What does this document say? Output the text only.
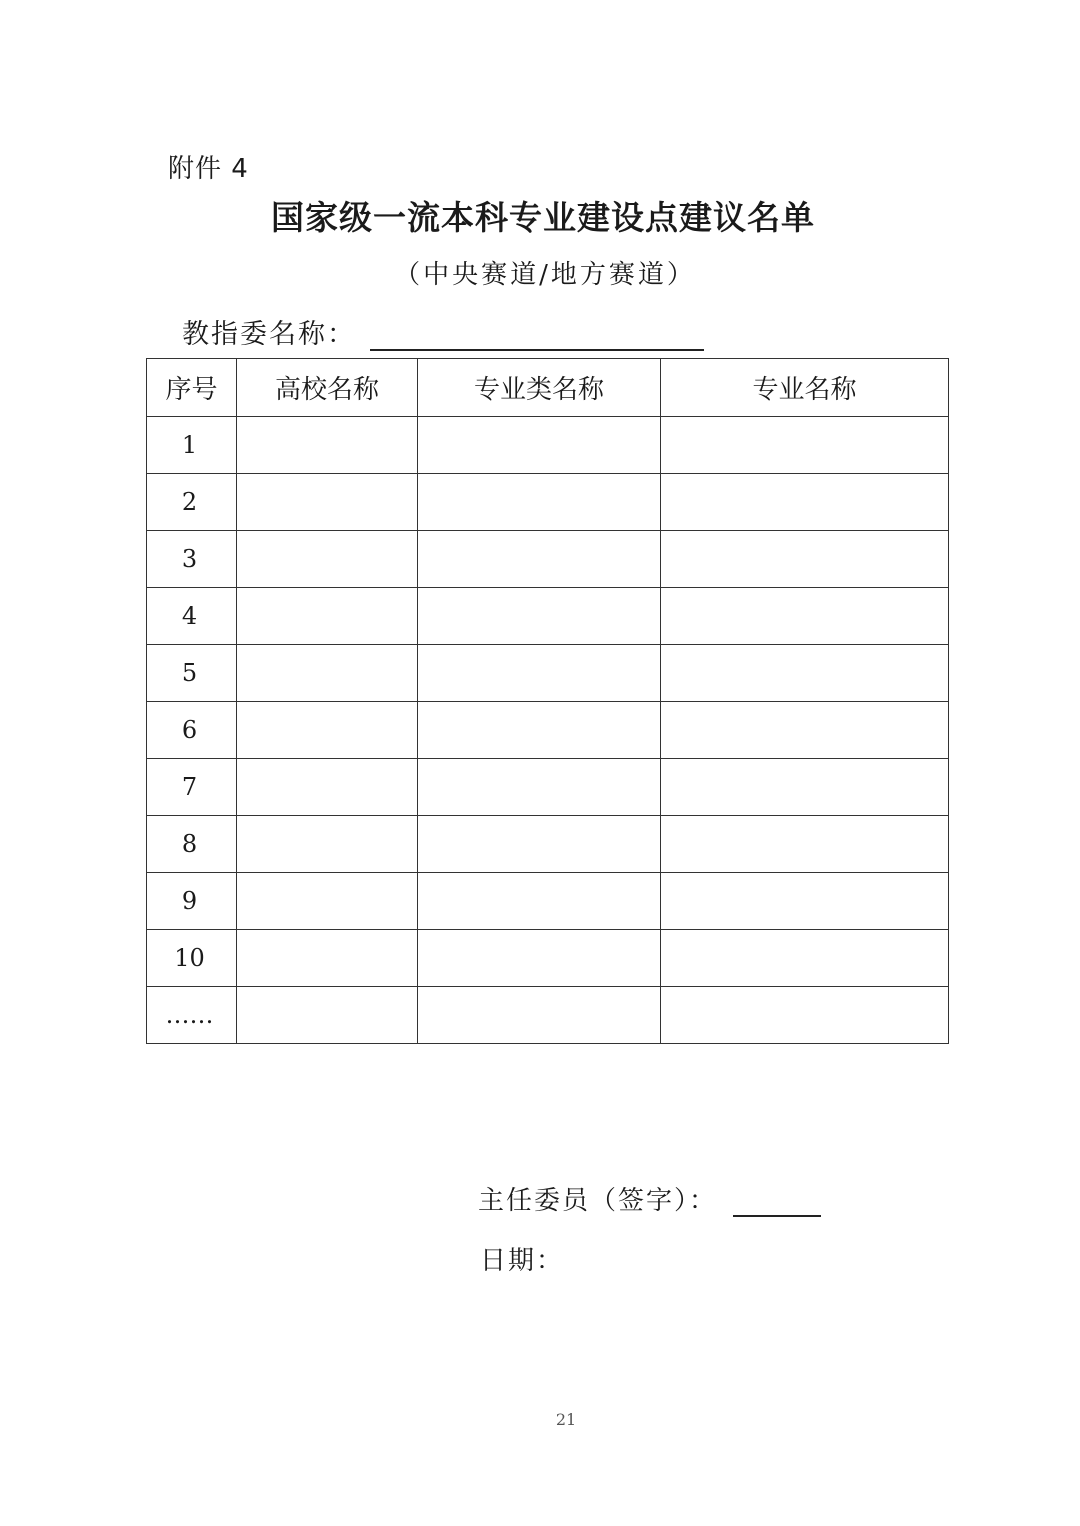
附件 4
国家级一流本科专业建设点建议名单
（中央赛道/地方赛道）
教指委名称：
序号	高校名称	专业类名称	专业名称
1			
2			
3			
4			
5			
6			
7			
8			
9			
10			
……			
主任委员（签字）：
日期：
21
